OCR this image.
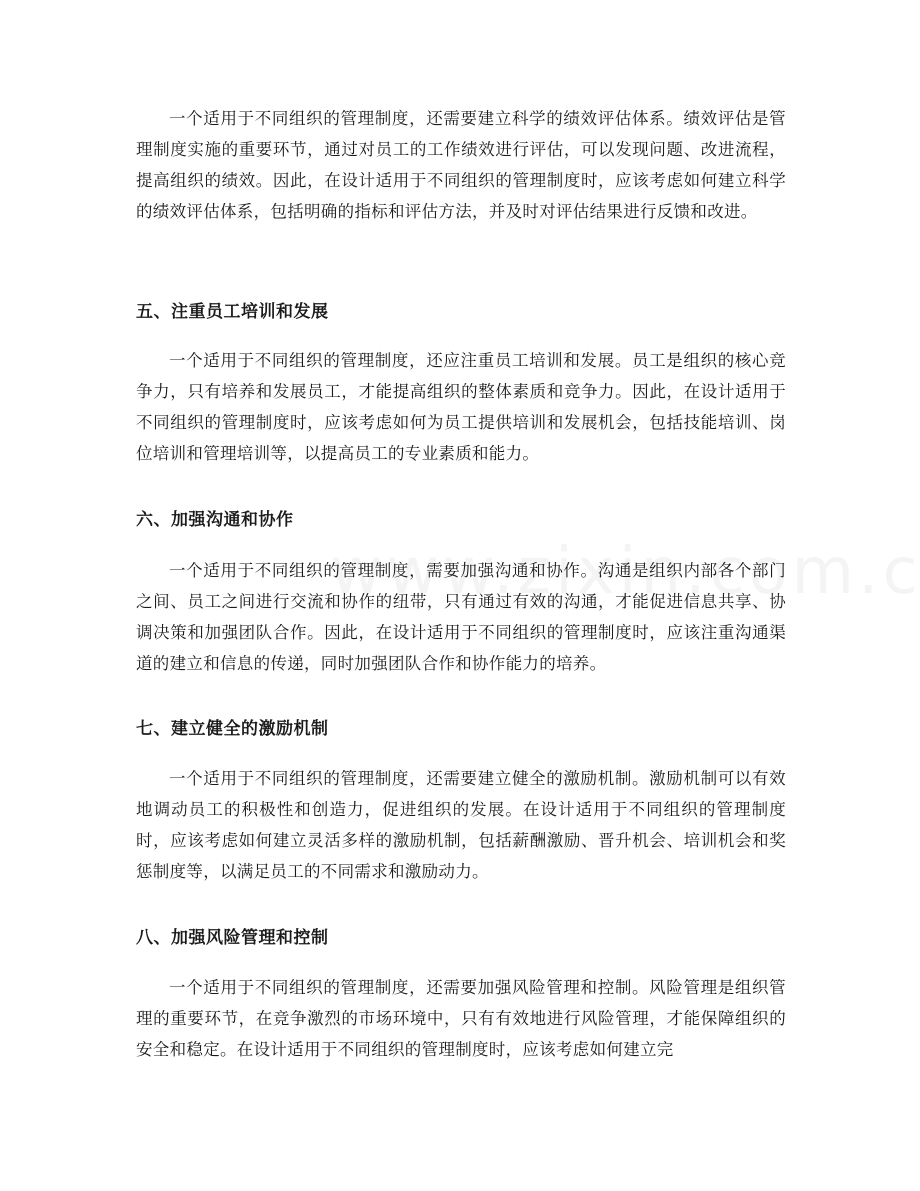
一个适用于不同组织的管理制度，还需要建立科学的绩效评估体系。绩效评估是管理制度实施的重要环节，通过对员工的工作绩效进行评估，可以发现问题、改进流程，提高组织的绩效。因此，在设计适用于不同组织的管理制度时，应该考虑如何建立科学的绩效评估体系，包括明确的指标和评估方法，并及时对评估结果进行反馈和改进。

五、注重员工培训和发展

一个适用于不同组织的管理制度，还应注重员工培训和发展。员工是组织的核心竞争力，只有培养和发展员工，才能提高组织的整体素质和竞争力。因此，在设计适用于不同组织的管理制度时，应该考虑如何为员工提供培训和发展机会，包括技能培训、岗位培训和管理培训等，以提高员工的专业素质和能力。

六、加强沟通和协作

一个适用于不同组织的管理制度，需要加强沟通和协作。沟通是组织内部各个部门之间、员工之间进行交流和协作的纽带，只有通过有效的沟通，才能促进信息共享、协调决策和加强团队合作。因此，在设计适用于不同组织的管理制度时，应该注重沟通渠道的建立和信息的传递，同时加强团队合作和协作能力的培养。

七、建立健全的激励机制

一个适用于不同组织的管理制度，还需要建立健全的激励机制。激励机制可以有效地调动员工的积极性和创造力，促进组织的发展。在设计适用于不同组织的管理制度时，应该考虑如何建立灵活多样的激励机制，包括薪酬激励、晋升机会、培训机会和奖惩制度等，以满足员工的不同需求和激励动力。

八、加强风险管理和控制

一个适用于不同组织的管理制度，还需要加强风险管理和控制。风险管理是组织管理的重要环节，在竞争激烈的市场环境中，只有有效地进行风险管理，才能保障组织的安全和稳定。在设计适用于不同组织的管理制度时，应该考虑如何建立完
